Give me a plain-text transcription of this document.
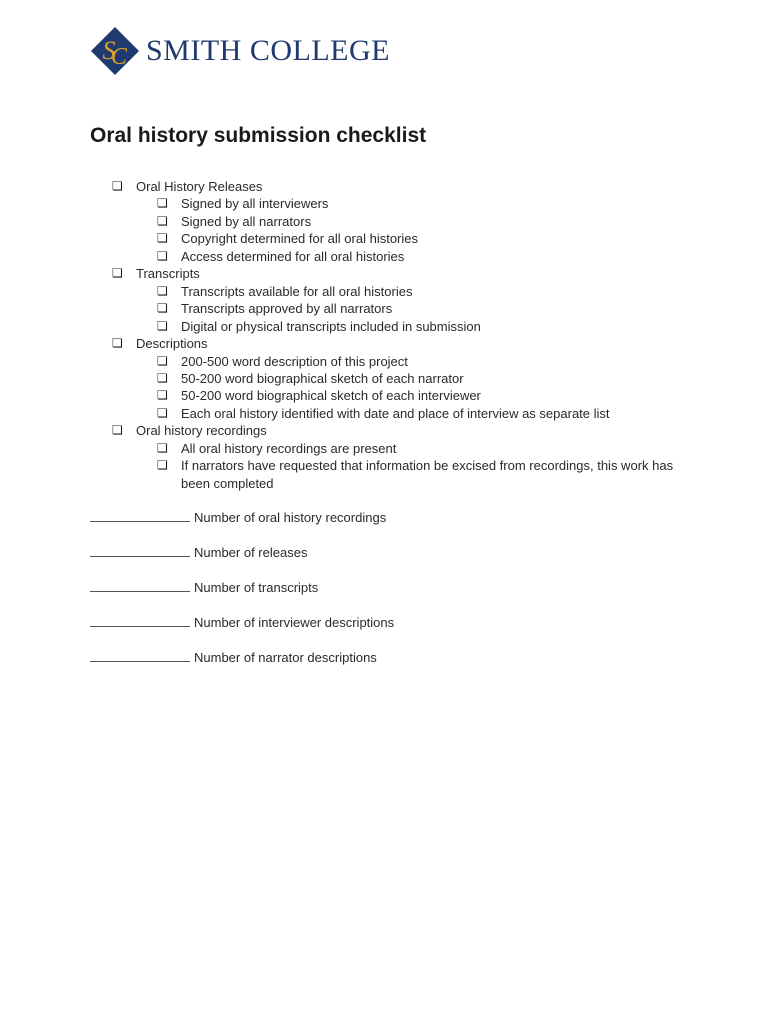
S
C SMITH COLLEGE
Oral history submission checklist
❏	Oral History Releases
❏	Signed by all interviewers
❏	Signed by all narrators
❏	Copyright determined for all oral histories
❏	Access determined for all oral histories
❏	Transcripts
❏	Transcripts available for all oral histories
❏	Transcripts approved by all narrators
❏	Digital or physical transcripts included in submission
❏	Descriptions
❏	200-500 word description of this project
❏	50-200 word biographical sketch of each narrator
❏	50-200 word biographical sketch of each interviewer
❏	Each oral history identified with date and place of interview as separate list
❏	Oral history recordings
❏	All oral history recordings are present
❏	If narrators have requested that information be excised from recordings, this work has been completed
Number of oral history recordings
Number of releases
Number of transcripts
Number of interviewer descriptions
Number of narrator descriptions
